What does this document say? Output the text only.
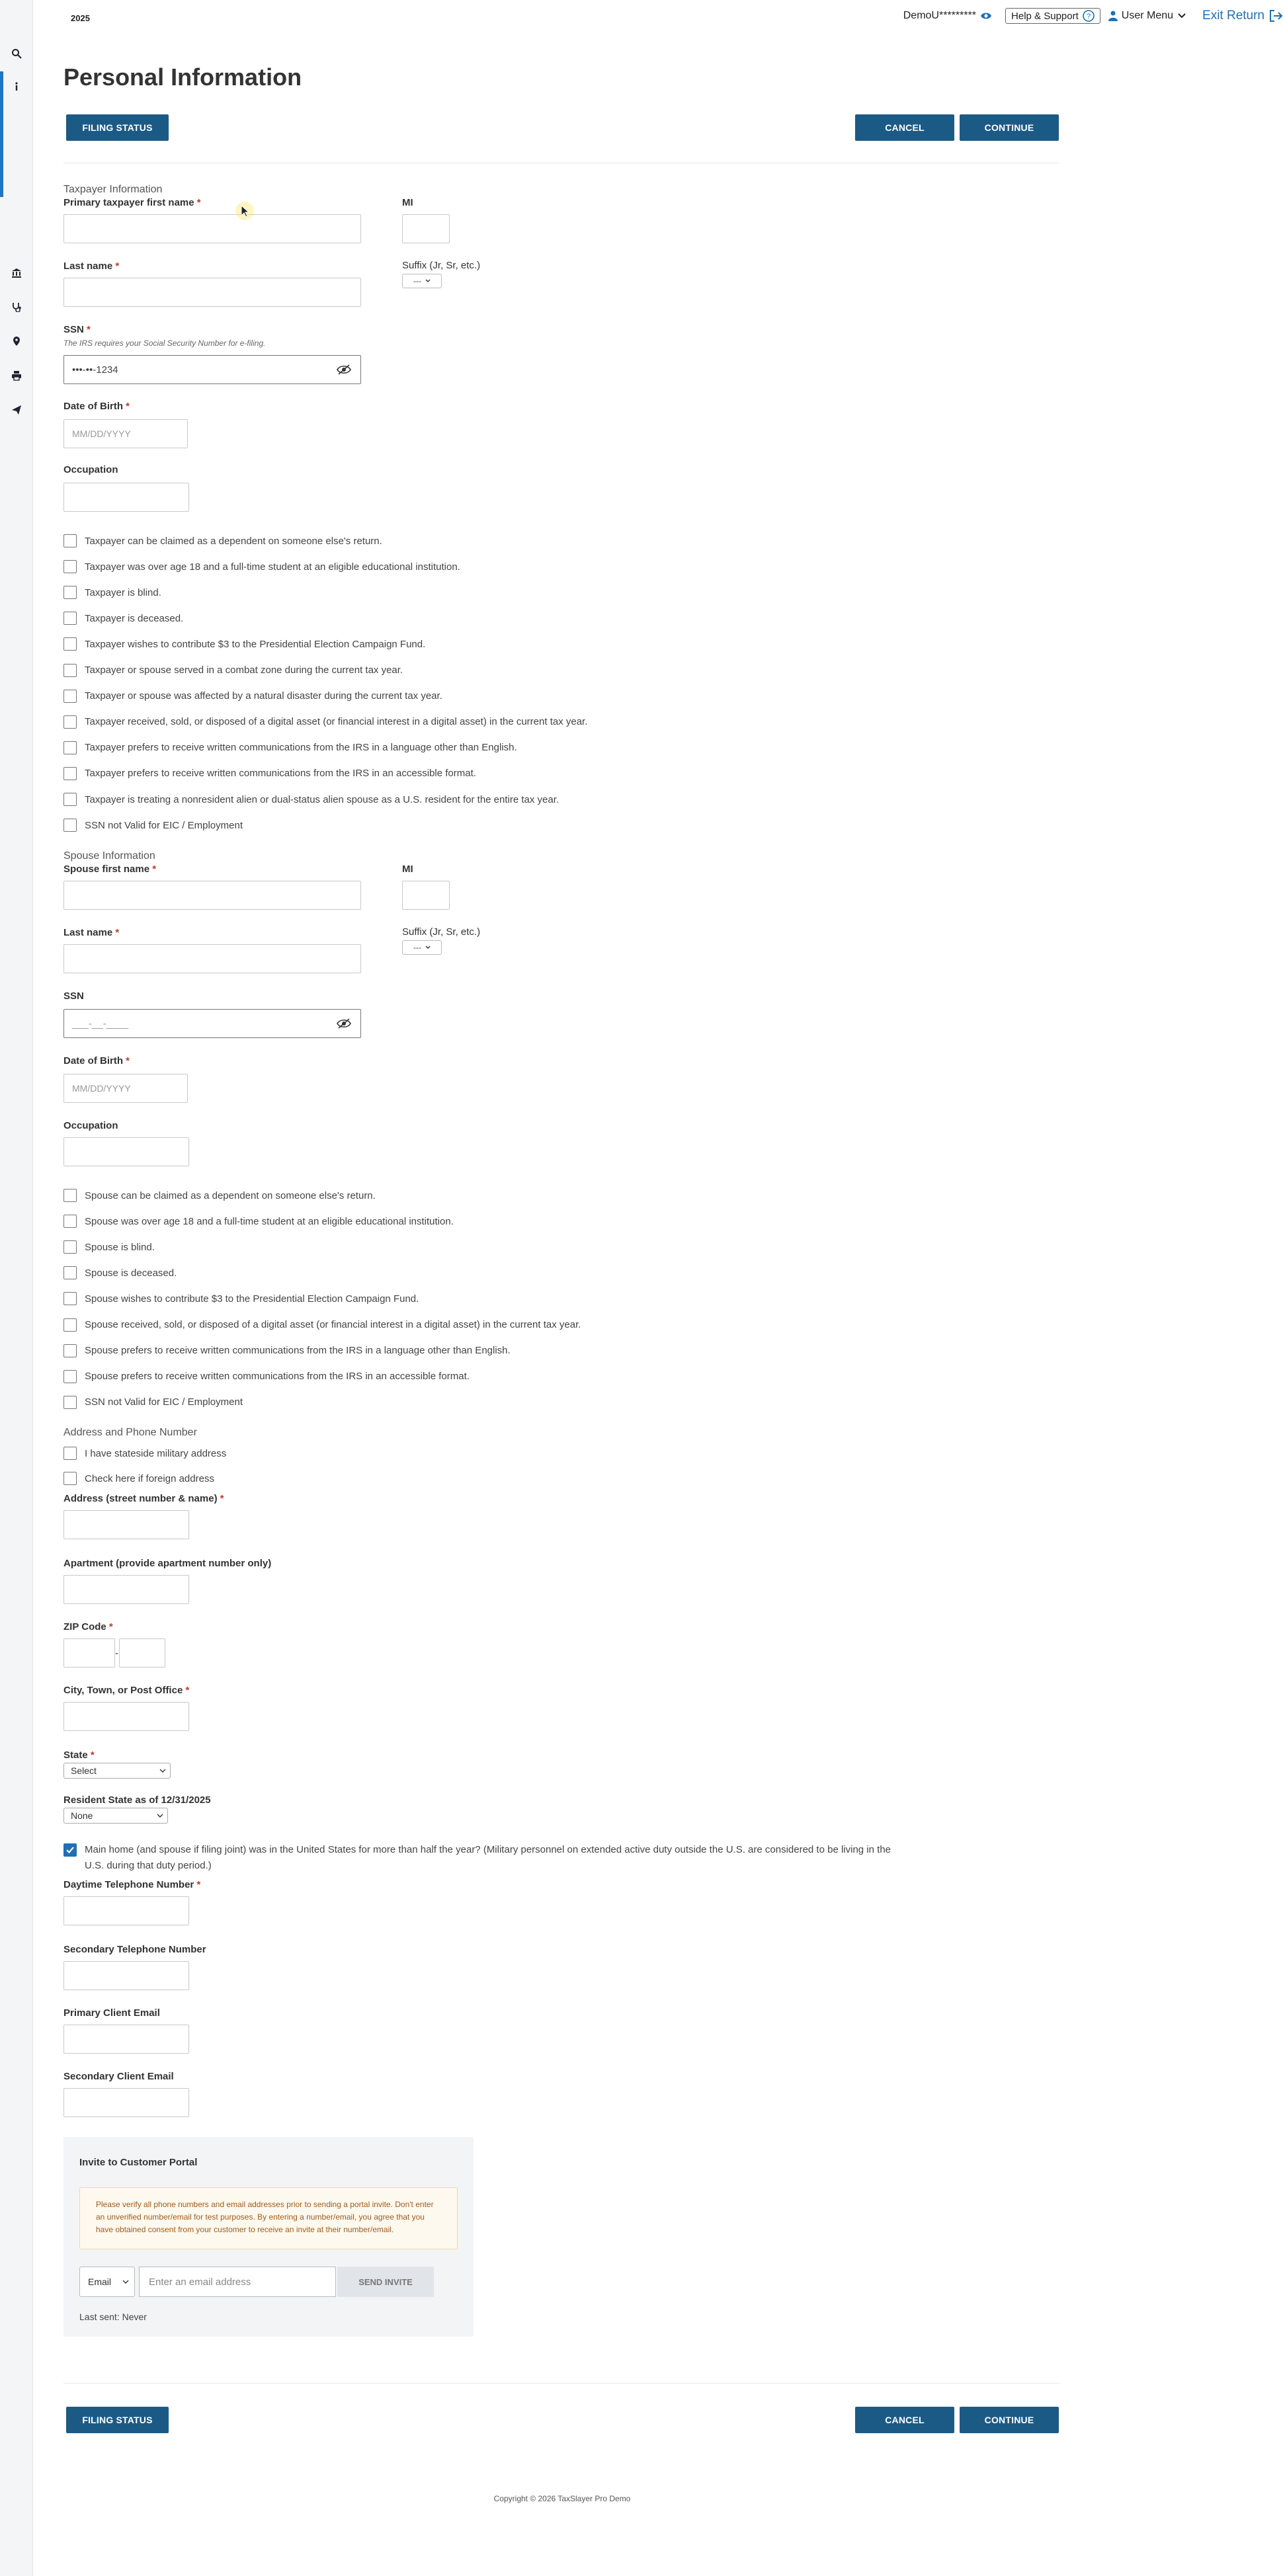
2025	DemoU*********	Help & Support ?	User Menu Exit Return
Personal Information
FILING STATUS	CANCEL	CONTINUE
Taxpayer Information
Primary taxpayer first name *	MI
Last name *	Suffix (Jr, Sr, etc.)
---
SSN *
The IRS requires your Social Security Number for e-filing.
•••-••-1234
Date of Birth *
MM/DD/YYYY
Occupation
Taxpayer can be claimed as a dependent on someone else's return.
Taxpayer was over age 18 and a full-time student at an eligible educational institution.
Taxpayer is blind.
Taxpayer is deceased.
Taxpayer wishes to contribute $3 to the Presidential Election Campaign Fund.
Taxpayer or spouse served in a combat zone during the current tax year.
Taxpayer or spouse was affected by a natural disaster during the current tax year.
Taxpayer received, sold, or disposed of a digital asset (or financial interest in a digital asset) in the current tax year.
Taxpayer prefers to receive written communications from the IRS in a language other than English.
Taxpayer prefers to receive written communications from the IRS in an accessible format.
Taxpayer is treating a nonresident alien or dual-status alien spouse as a U.S. resident for the entire tax year.
SSN not Valid for EIC / Employment
Spouse Information
Spouse first name *	MI
Last name *	Suffix (Jr, Sr, etc.)
---
SSN
___-__-____
Date of Birth *
MM/DD/YYYY
Occupation
Spouse can be claimed as a dependent on someone else's return.
Spouse was over age 18 and a full-time student at an eligible educational institution.
Spouse is blind.
Spouse is deceased.
Spouse wishes to contribute $3 to the Presidential Election Campaign Fund.
Spouse received, sold, or disposed of a digital asset (or financial interest in a digital asset) in the current tax year.
Spouse prefers to receive written communications from the IRS in a language other than English.
Spouse prefers to receive written communications from the IRS in an accessible format.
SSN not Valid for EIC / Employment
Address and Phone Number
I have stateside military address
Check here if foreign address
Address (street number & name) *
Apartment (provide apartment number only)
ZIP Code *
-
City, Town, or Post Office *
State *
Select
Resident State as of 12/31/2025
None
Main home (and spouse if filing joint) was in the United States for more than half the year? (Military personnel on extended active duty outside the U.S. are considered to be living in the U.S. during that duty period.)
Daytime Telephone Number *
Secondary Telephone Number
Primary Client Email
Secondary Client Email
Invite to Customer Portal
Please verify all phone numbers and email addresses prior to sending a portal invite. Don't enter an unverified number/email for test purposes. By entering a number/email, you agree that you have obtained consent from your customer to receive an invite at their number/email.
Email	Enter an email address	SEND INVITE
Last sent: Never
FILING STATUS	CANCEL	CONTINUE
Copyright © 2026 TaxSlayer Pro Demo
